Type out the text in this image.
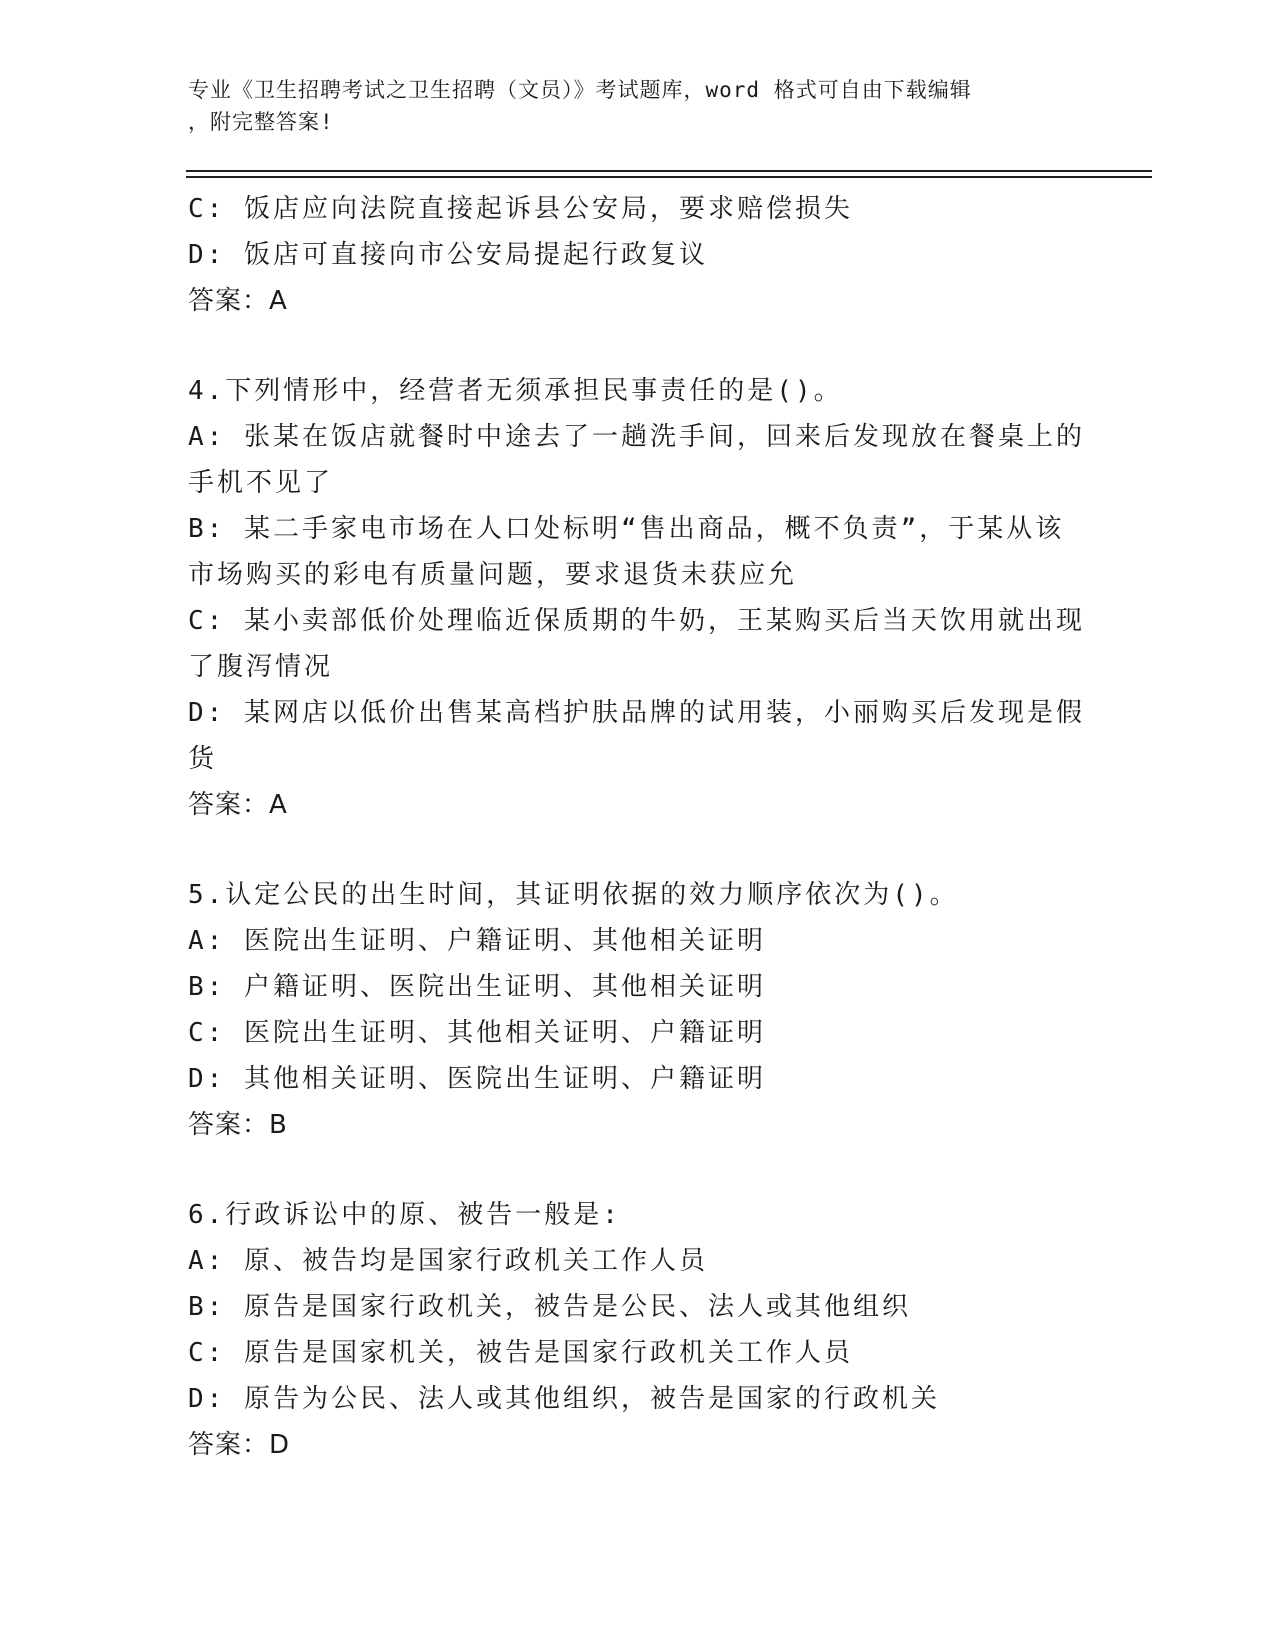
专业《卫生招聘考试之卫生招聘（文员）》考试题库，word 格式可自由下载编辑
，附完整答案!
C: 饭店应向法院直接起诉县公安局，要求赔偿损失
D: 饭店可直接向市公安局提起行政复议
答案：A
4.下列情形中，经营者无须承担民事责任的是()。
A: 张某在饭店就餐时中途去了一趟洗手间，回来后发现放在餐桌上的
手机不见了
B: 某二手家电市场在人口处标明“售出商品，概不负责”，于某从该
市场购买的彩电有质量问题，要求退货未获应允
C: 某小卖部低价处理临近保质期的牛奶，王某购买后当天饮用就出现
了腹泻情况
D: 某网店以低价出售某高档护肤品牌的试用装，小丽购买后发现是假
货
答案：A
5.认定公民的出生时间，其证明依据的效力顺序依次为()。
A: 医院出生证明、户籍证明、其他相关证明
B: 户籍证明、医院出生证明、其他相关证明
C: 医院出生证明、其他相关证明、户籍证明
D: 其他相关证明、医院出生证明、户籍证明
答案：B
6.行政诉讼中的原、被告一般是:
A: 原、被告均是国家行政机关工作人员
B: 原告是国家行政机关，被告是公民、法人或其他组织
C: 原告是国家机关，被告是国家行政机关工作人员
D: 原告为公民、法人或其他组织，被告是国家的行政机关
答案：D
